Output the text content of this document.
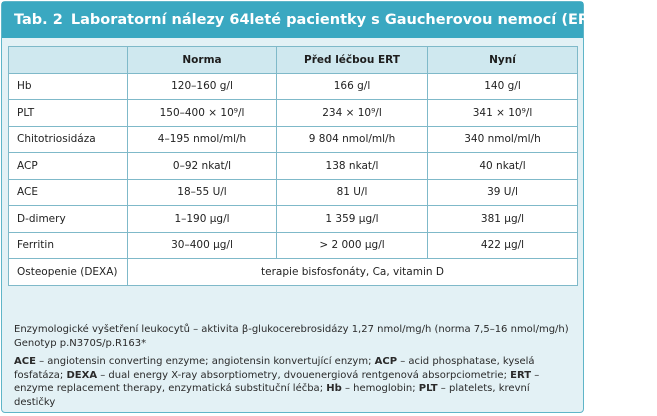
Tab. 2 Laboratorní nálezy 64leté pacientky s Gaucherovou nemocí (ERT 12 let)
	Norma	Před léčbou ERT	Nyní
Hb	120–160 g/l	166 g/l	140 g/l
PLT	150–400 × 10⁹/l	234 × 10⁹/l	341 × 10⁹/l
Chitotriosidáza	4–195 nmol/ml/h	9 804 nmol/ml/h	340 nmol/ml/h
ACP	0–92 nkat/l	138 nkat/l	40 nkat/l
ACE	18–55 U/l	81 U/l	39 U/l
D-dimery	1–190 μg/l	1 359 μg/l	381 μg/l
Ferritin	30–400 μg/l	> 2 000 μg/l	422 μg/l
Osteopenie (DEXA)	terapie bisfosfonáty, Ca, vitamin D		

Enzymologické vyšetření leukocytů – aktivita β-glukocerebrosidázy 1,27 nmol/mg/h (norma 7,5–16 nmol/mg/h)
Genotyp p.N370S/p.R163*

ACE – angiotensin converting enzyme; angiotensin konvertující enzym; ACP – acid phosphatase, kyselá fosfatáza; DEXA – dual energy X-ray absorptiometry, dvouenergiová rentgenová absorpciometrie; ERT – enzyme replacement therapy, enzymatická substituční léčba; Hb – hemoglobin; PLT – platelets, krevní destičky
